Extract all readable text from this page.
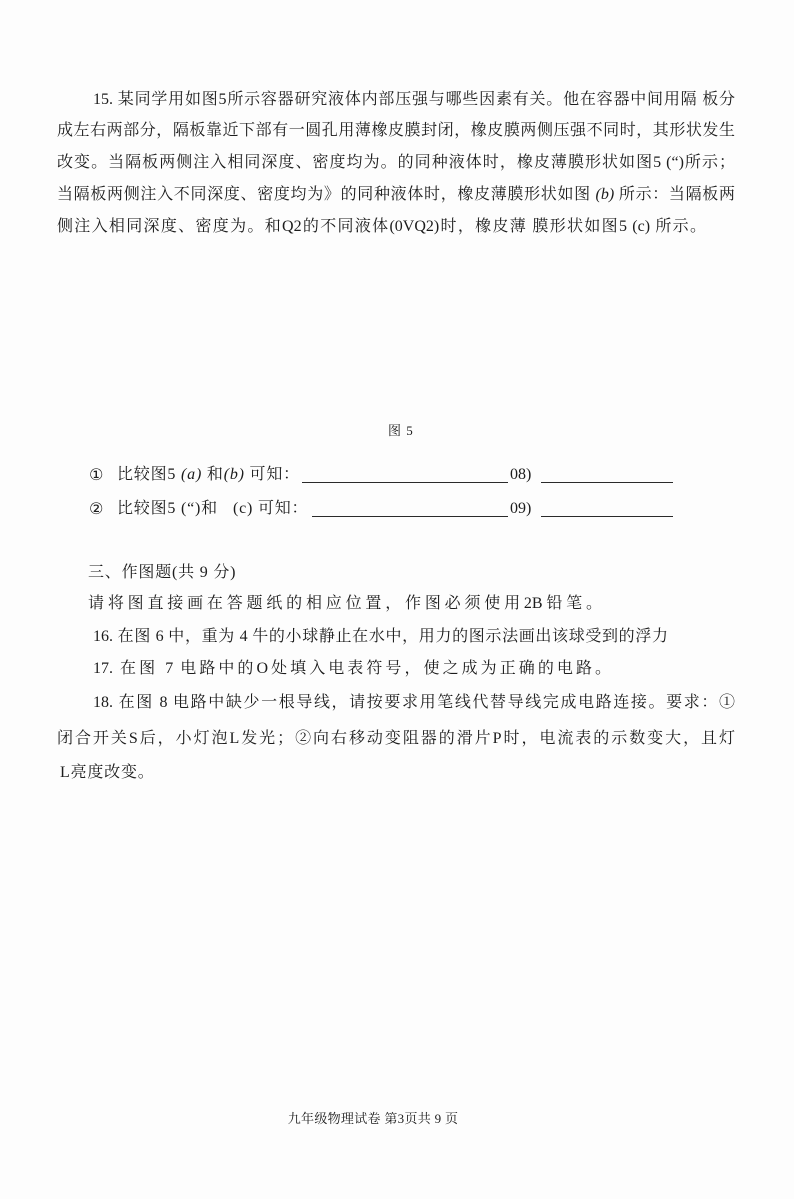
15. 某同学用如图5所示容器研究液体内部压强与哪些因素有关。他在容器中间用隔 板分
成左右两部分，隔板靠近下部有一圆孔用薄橡皮膜封闭，橡皮膜两侧压强不同时，其形状发生
改变。当隔板两侧注入相同深度、密度均为。的同种液体时，橡皮薄膜形状如图5 (“)所示；
当隔板两侧注入不同深度、密度均为》的同种液体时，橡皮薄膜形状如图 (b) 所示：当隔板两
侧注入相同深度、密度为。和Q2的不同液体(0VQ2)时，橡皮薄 膜形状如图5 (c) 所示。
图 5
① 比较图5 (a) 和(b) 可知：	08)
② 比较图5 (“)和 (c) 可知：	09)
三、作图题(共 9 分)
请将图直接画在答题纸的相应位置，作图必须使用2B铅笔。
16. 在图 6 中，重为 4 牛的小球静止在水中，用力的图示法画出该球受到的浮力
17. 在图 7 电路中的O处填入电表符号，使之成为正确的电路。
18. 在图 8 电路中缺少一根导线，请按要求用笔线代替导线完成电路连接。要求：①
闭合开关S后，小灯泡L发光；②向右移动变阻器的滑片P时，电流表的示数变大，且灯
L亮度改变。
九年级物理试卷 第3页共 9 页
